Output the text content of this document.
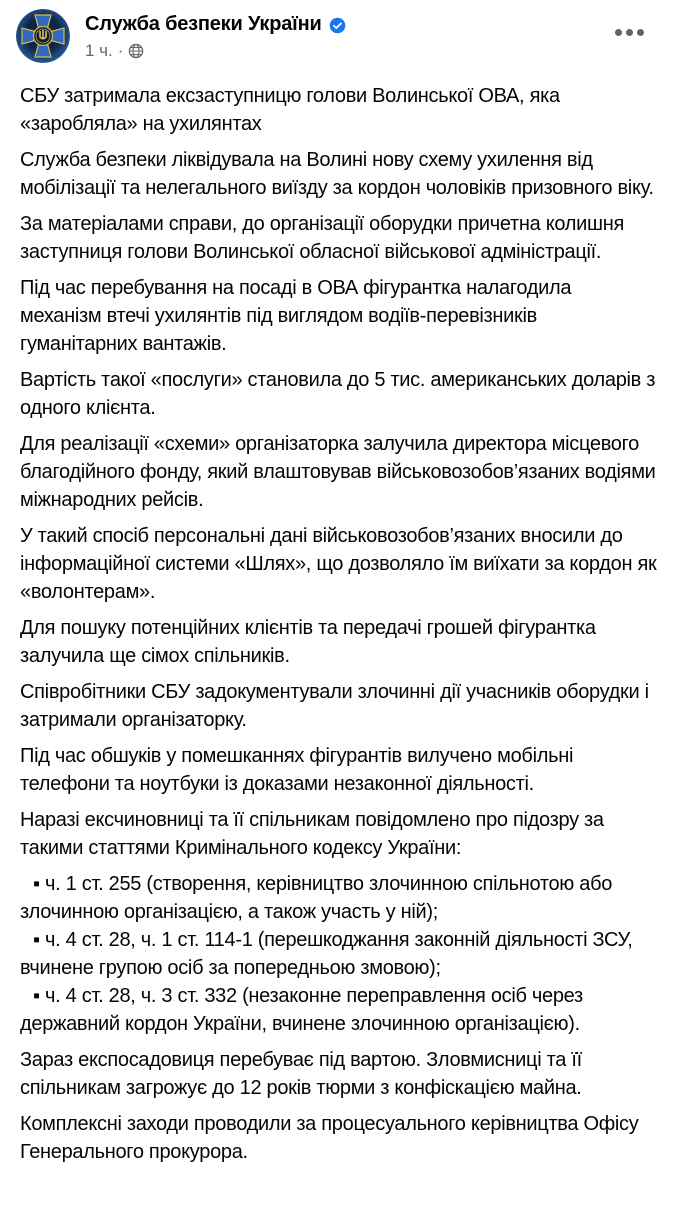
Служба безпеки України
1 ч. ·

СБУ затримала ексзаступницю голови Волинської ОВА, яка «заробляла» на ухилянтах

Служба безпеки ліквідувала на Волині нову схему ухилення від мобілізації та нелегального виїзду за кордон чоловіків призовного віку.

За матеріалами справи, до організації оборудки причетна колишня заступниця голови Волинської обласної військової адміністрації.

Під час перебування на посаді в ОВА фігурантка налагодила механізм втечі ухилянтів під виглядом водіїв-перевізників гуманітарних вантажів.

Вартість такої «послуги» становила до 5 тис. американських доларів з одного клієнта.

Для реалізації «схеми» організаторка залучила директора місцевого благодійного фонду, який влаштовував військовозобов’язаних водіями міжнародних рейсів.

У такий спосіб персональні дані військовозобов’язаних вносили до інформаційної системи «Шлях», що дозволяло їм виїхати за кордон як «волонтерам».

Для пошуку потенційних клієнтів та передачі грошей фігурантка залучила ще сімох спільників.

Співробітники СБУ задокументували злочинні дії учасників оборудки і затримали організаторку.

Під час обшуків у помешканнях фігурантів вилучено мобільні телефони та ноутбуки із доказами незаконної діяльності.

Наразі ексчиновниці та її спільникам повідомлено про підозру за такими статтями Кримінального кодексу України:

▪ ч. 1 ст. 255 (створення, керівництво злочинною спільнотою або злочинною організацією, а також участь у ній);

▪ ч. 4 ст. 28, ч. 1 ст. 114-1 (перешкоджання законній діяльності ЗСУ, вчинене групою осіб за попередньою змовою);

▪ ч. 4 ст. 28, ч. 3 ст. 332 (незаконне переправлення осіб через державний кордон України, вчинене злочинною організацією).

Зараз експосадовиця перебуває під вартою. Зловмисниці та її спільникам загрожує до 12 років тюрми з конфіскацією майна.

Комплексні заходи проводили за процесуального керівництва Офісу Генерального прокурора.
